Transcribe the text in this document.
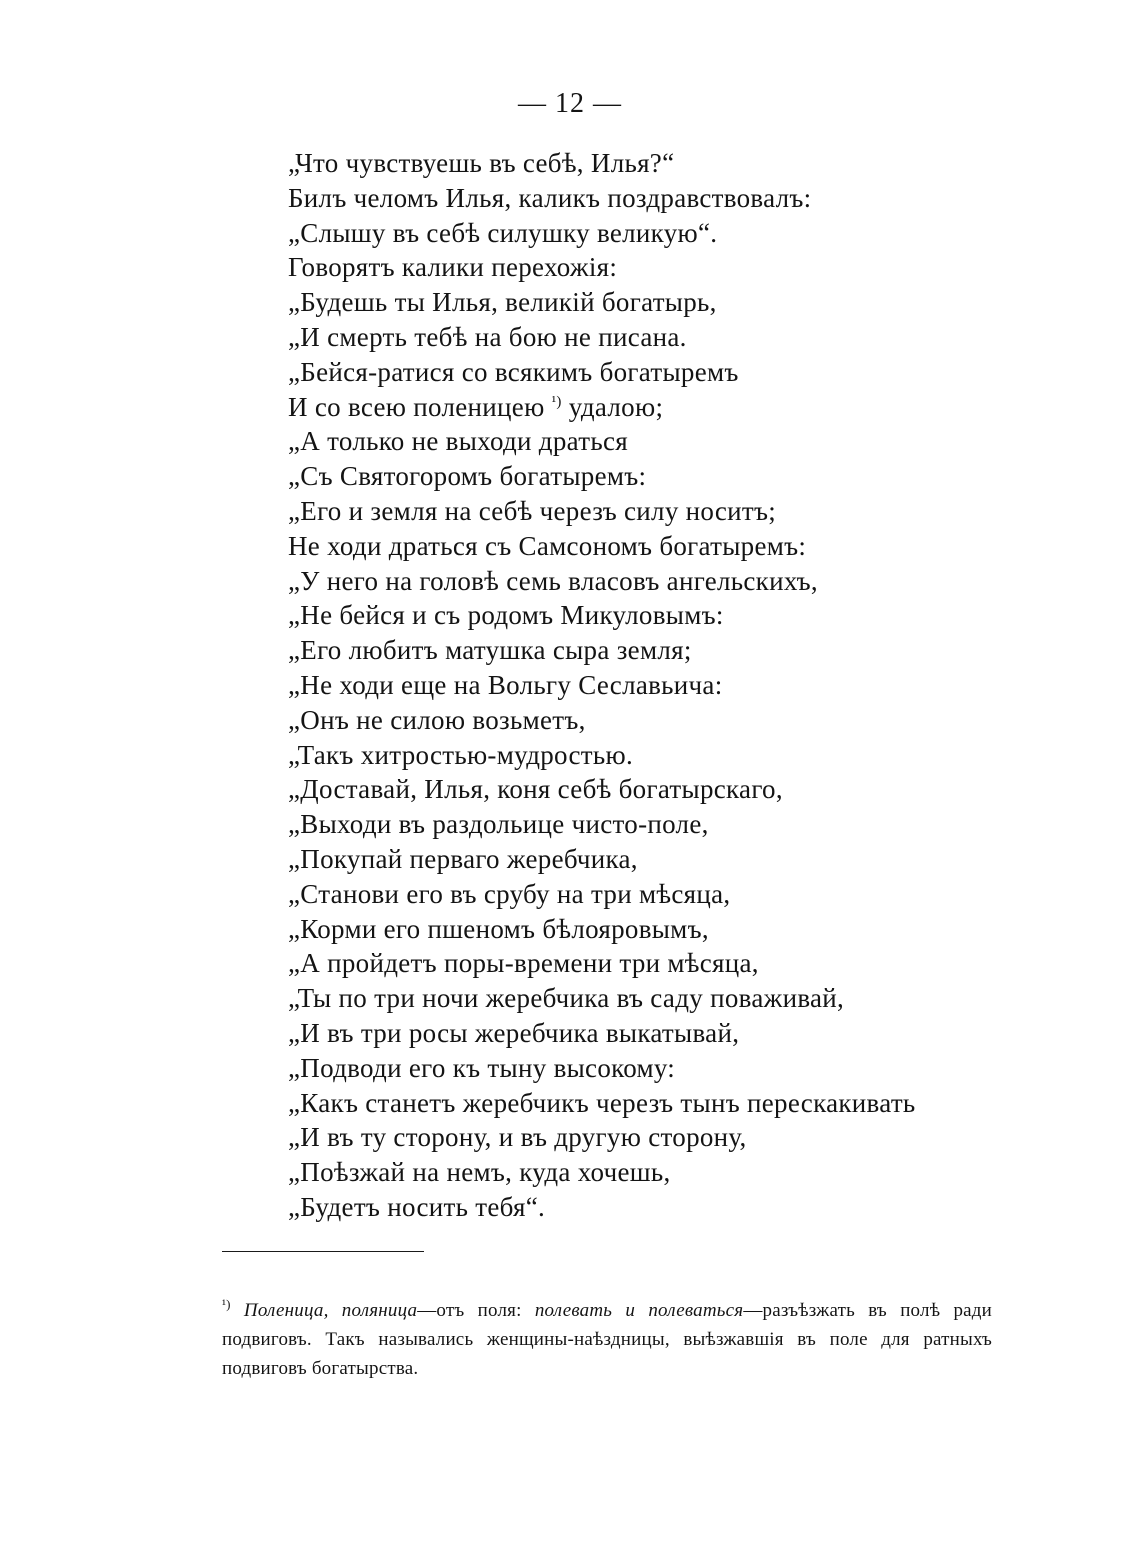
— 12 —
„Что чувствуешь въ себѣ, Илья?“
Билъ челомъ Илья, каликъ поздравствовалъ:
„Слышу въ себѣ силушку великую“.
Говорятъ калики перехожія:
„Будешь ты Илья, великій богатырь,
„И смерть тебѣ на бою не писана.
„Бейся-ратися со всякимъ богатыремъ
И со всею поленицею $^{^1)}$ удалою;
„А только не выходи драться
„Съ Святогоромъ богатыремъ:
„Его и земля на себѣ черезъ силу носитъ;
Не ходи драться съ Самсономъ богатыремъ:
„У него на головѣ семь власовъ ангельскихъ,
„Не бейся и съ родомъ Микуловымъ:
„Его любитъ матушка сыра земля;
„Не ходи еще на Вольгу Сеславьича:
„Онъ не силою возьметъ,
„Такъ хитростью-мудростью.
„Доставай, Илья, коня себѣ богатырскаго,
„Выходи въ раздольице чисто-поле,
„Покупай перваго жеребчика,
„Станови его въ срубу на три мѣсяца,
„Корми его пшеномъ бѣлояровымъ,
„А пройдетъ поры-времени три мѣсяца,
„Ты по три ночи жеребчика въ саду поваживай,
„И въ три росы жеребчика выкатывай,
„Подводи его къ тыну высокому:
„Какъ станетъ жеребчикъ черезъ тынъ перескакивать
„И въ ту сторону, и въ другую сторону,
„Поѣзжай на немъ, куда хочешь,
„Будетъ носить тебя“.

$^{^1)}$ Поленица, поляница—отъ поля: полевать и полеваться—разъѣзжать въ полѣ ради подвиговъ. Такъ назывались женщины-наѣздницы, выѣзжавшія въ поле для ратныхъ подвиговъ богатырства.
